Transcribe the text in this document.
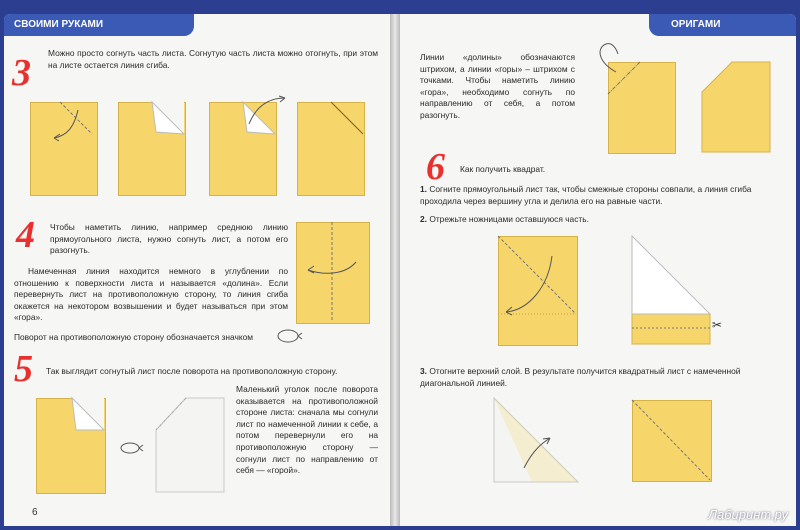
СВОИМИ РУКАМИ
3 Можно просто согнуть часть листа. Согнутую часть листа можно отогнуть, при этом на листе остается линия сгиба.
4 Чтобы наметить линию, например среднюю линию прямоугольного листа, нужно согнуть лист, а потом его разогнуть.
Намеченная линия находится немного в углублении по отношению к поверхности листа и называется «долина». Если перевернуть лист на противоположную сторону, то линия сгиба окажется на некотором возвышении и будет называться при этом «гора».
Поворот на противоположную сторону обозначается значком
5 Так выглядит согнутый лист после поворота на противоположную сторону.
Маленький уголок после поворота оказывается на противоположной стороне листа: сначала мы согнули лист по намеченной линии к себе, а потом перевернули его на противоположную сторону — согнули лист по направлению от себя — «горой».
6
ОРИГАМИ
Линии «долины» обозначаются штрихом, а линии «горы» – штрихом с точками. Чтобы наметить линию «гора», необходимо согнуть по направлению от себя, а потом разогнуть.
6 Как получить квадрат.
1. Согните прямоугольный лист так, чтобы смежные стороны совпали, а линия сгиба проходила через вершину угла и делила его на равные части.
2. Отрежьте ножницами оставшуюся часть.
✂
3. Отогните верхний слой. В результате получится квадратный лист с намеченной диагональной линией.
Лабиринт.ру
